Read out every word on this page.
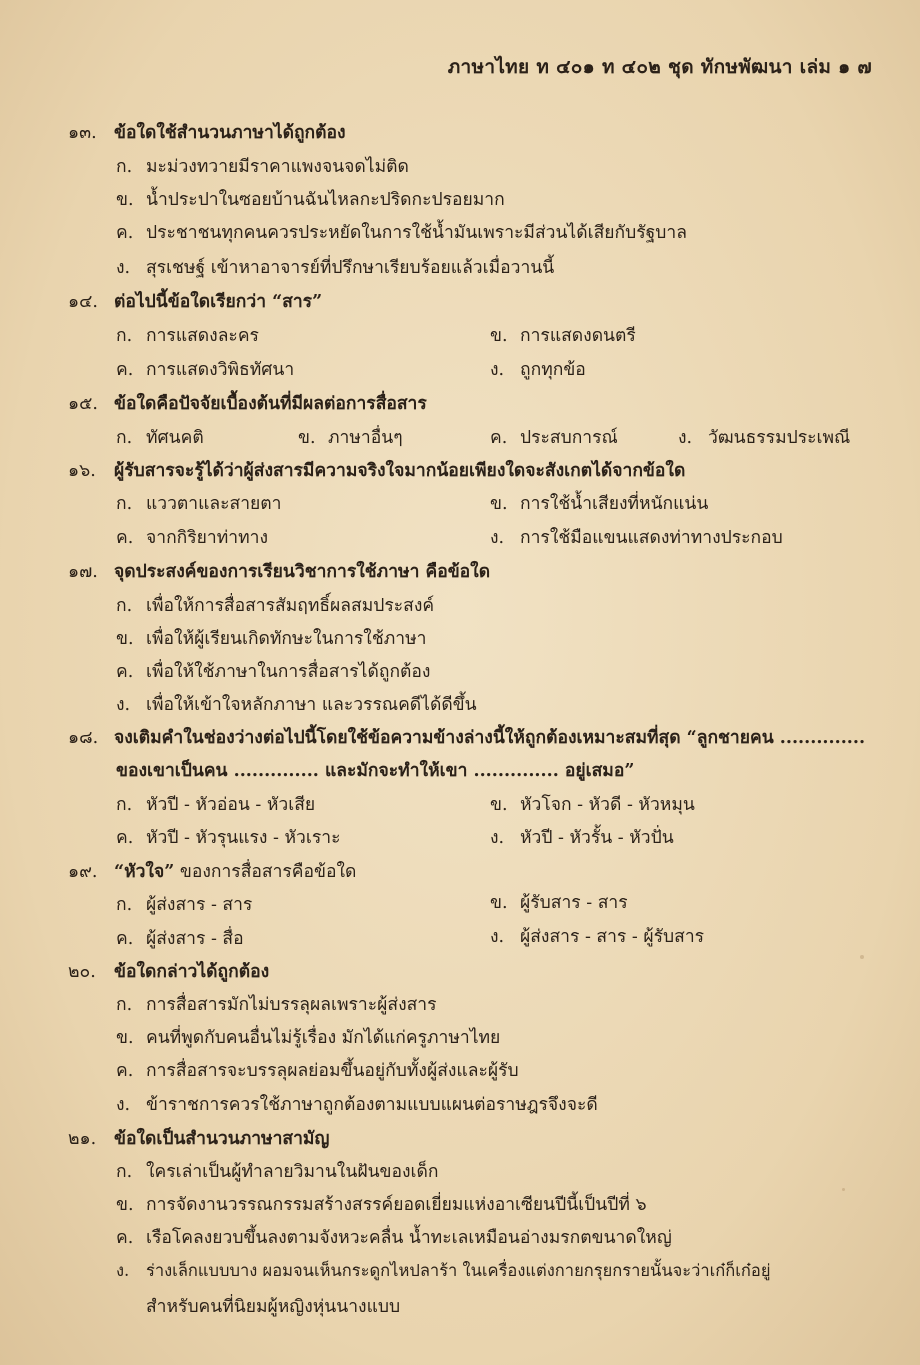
ภาษาไทย ท ๔๐๑ ท ๔๐๒ ชุด ทักษพัฒนา เล่ม ๑ ๗
๑๓. ข้อใดใช้สำนวนภาษาได้ถูกต้อง
ก. มะม่วงทวายมีราคาแพงจนจดไม่ติด
ข. น้ำประปาในซอยบ้านฉันไหลกะปริดกะปรอยมาก
ค. ประชาชนทุกคนควรประหยัดในการใช้น้ำมันเพราะมีส่วนได้เสียกับรัฐบาล
ง. สุรเชษฐ์ เข้าหาอาจารย์ที่ปรึกษาเรียบร้อยแล้วเมื่อวานนี้
๑๔. ต่อไปนี้ข้อใดเรียกว่า “สาร”
ก. การแสดงละคร	ข. การแสดงดนตรี
ค. การแสดงวิพิธทัศนา	ง. ถูกทุกข้อ
๑๕. ข้อใดคือปัจจัยเบื้องต้นที่มีผลต่อการสื่อสาร
ก. ทัศนคติ	ข. ภาษาอื่นๆ	ค. ประสบการณ์	ง. วัฒนธรรมประเพณี
๑๖. ผู้รับสารจะรู้ได้ว่าผู้ส่งสารมีความจริงใจมากน้อยเพียงใดจะสังเกตได้จากข้อใด
ก. แววตาและสายตา	ข. การใช้น้ำเสียงที่หนักแน่น
ค. จากกิริยาท่าทาง	ง. การใช้มือแขนแสดงท่าทางประกอบ
๑๗. จุดประสงค์ของการเรียนวิชาการใช้ภาษา คือข้อใด
ก. เพื่อให้การสื่อสารสัมฤทธิ์ผลสมประสงค์
ข. เพื่อให้ผู้เรียนเกิดทักษะในการใช้ภาษา
ค. เพื่อให้ใช้ภาษาในการสื่อสารได้ถูกต้อง
ง. เพื่อให้เข้าใจหลักภาษา และวรรณคดีได้ดีขึ้น
๑๘. จงเติมคำในช่องว่างต่อไปนี้โดยใช้ข้อความข้างล่างนี้ให้ถูกต้องเหมาะสมที่สุด “ลูกชายคน ..............
ของเขาเป็นคน .............. และมักจะทำให้เขา .............. อยู่เสมอ”
ก. หัวปี - หัวอ่อน - หัวเสีย	ข. หัวโจก - หัวดี - หัวหมุน
ค. หัวปี - หัวรุนแรง - หัวเราะ	ง. หัวปี - หัวรั้น - หัวปั่น
๑๙. “หัวใจ” ของการสื่อสารคือข้อใด
ก. ผู้ส่งสาร - สาร	ข. ผู้รับสาร - สาร
ค. ผู้ส่งสาร - สื่อ	ง. ผู้ส่งสาร - สาร - ผู้รับสาร
๒๐. ข้อใดกล่าวได้ถูกต้อง
ก. การสื่อสารมักไม่บรรลุผลเพราะผู้ส่งสาร
ข. คนที่พูดกับคนอื่นไม่รู้เรื่อง มักได้แก่ครูภาษาไทย
ค. การสื่อสารจะบรรลุผลย่อมขึ้นอยู่กับทั้งผู้ส่งและผู้รับ
ง. ข้าราชการควรใช้ภาษาถูกต้องตามแบบแผนต่อราษฎรจึงจะดี
๒๑. ข้อใดเป็นสำนวนภาษาสามัญ
ก. ใครเล่าเป็นผู้ทำลายวิมานในฝันของเด็ก
ข. การจัดงานวรรณกรรมสร้างสรรค์ยอดเยี่ยมแห่งอาเซียนปีนี้เป็นปีที่ ๖
ค. เรือโคลงยวบขึ้นลงตามจังหวะคลื่น น้ำทะเลเหมือนอ่างมรกตขนาดใหญ่
ง. ร่างเล็กแบบบาง ผอมจนเห็นกระดูกไหปลาร้า ในเครื่องแต่งกายกรุยกรายนั้นจะว่าเก๋ก็เก๋อยู่
สำหรับคนที่นิยมผู้หญิงหุ่นนางแบบ
